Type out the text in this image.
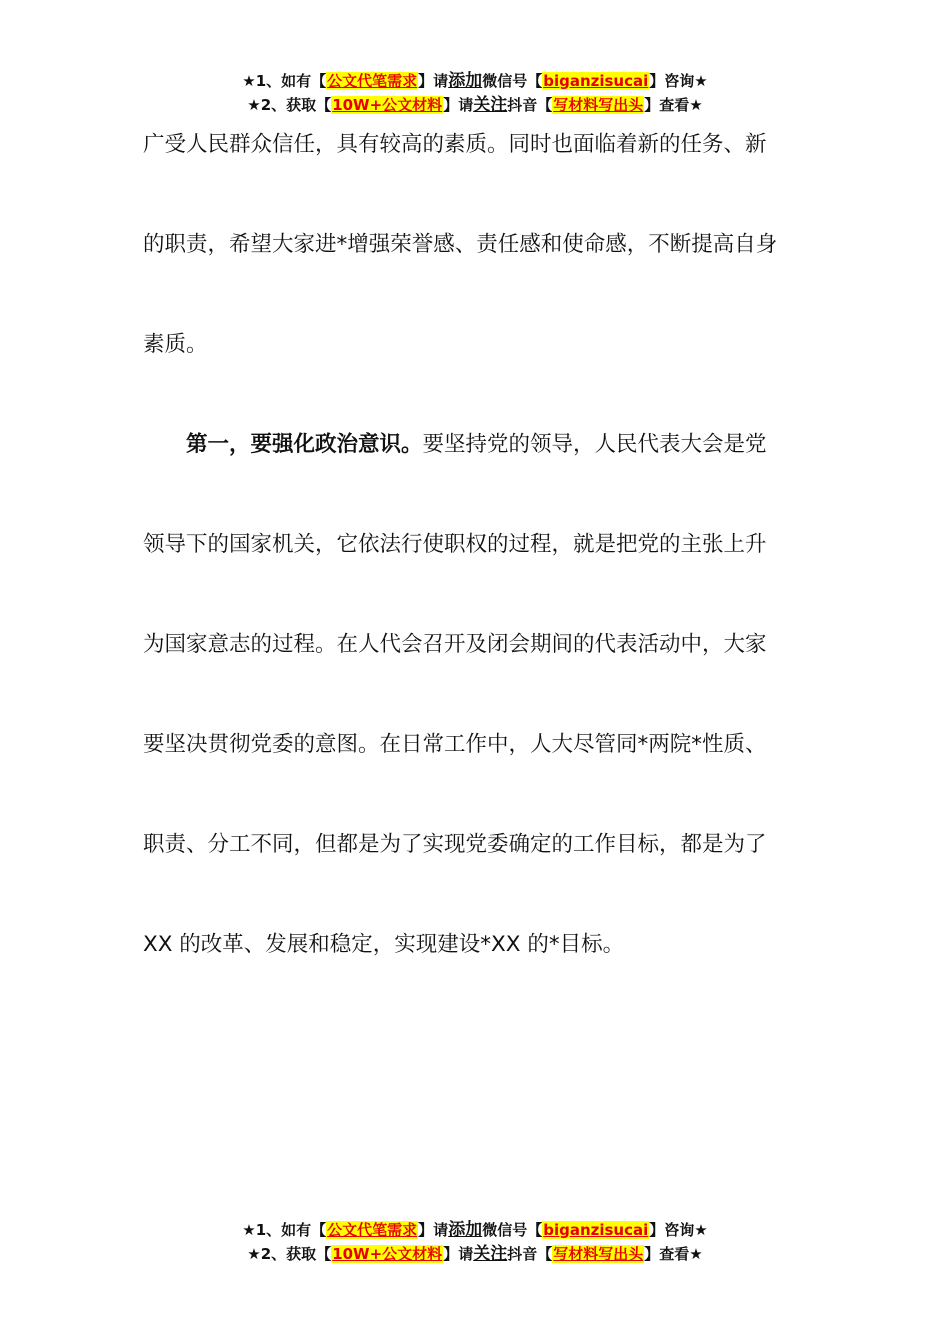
★1、如有【公文代笔需求】请添加微信号【biganzisucai】咨询★
★2、获取【10W+公文材料】请关注抖音【写材料写出头】查看★

广受人民群众信任，具有较高的素质。同时也面临着新的任务、新

的职责，希望大家进*增强荣誉感、责任感和使命感，不断提高自身

素质。

第一，要强化政治意识。要坚持党的领导，人民代表大会是党

领导下的国家机关，它依法行使职权的过程，就是把党的主张上升

为国家意志的过程。在人代会召开及闭会期间的代表活动中，大家

要坚决贯彻党委的意图。在日常工作中，人大尽管同*两院*性质、

职责、分工不同，但都是为了实现党委确定的工作目标，都是为了

XX 的改革、发展和稳定，实现建设*XX 的*目标。

★1、如有【公文代笔需求】请添加微信号【biganzisucai】咨询★
★2、获取【10W+公文材料】请关注抖音【写材料写出头】查看★
